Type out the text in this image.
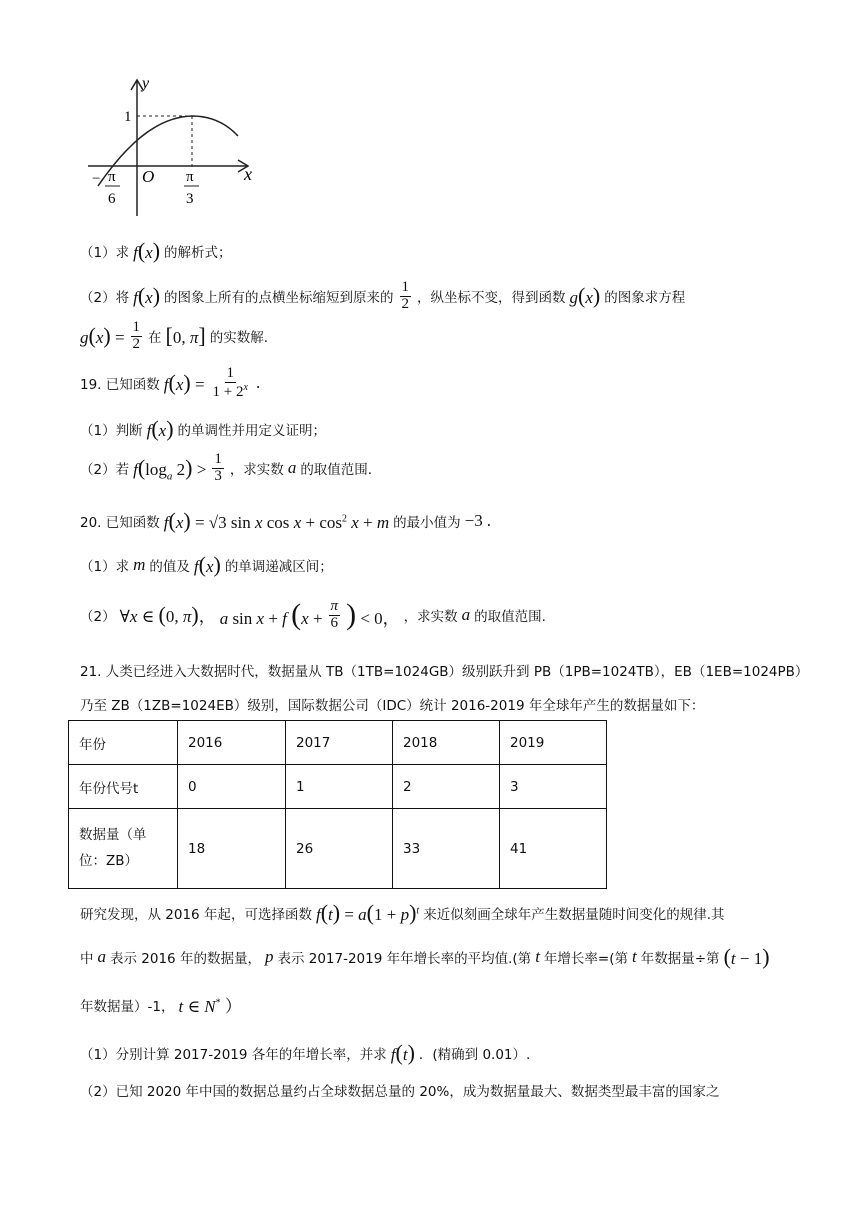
y
x
1
O
− π
6
π
3
（1）求 f(x) 的解析式；
（2）将 f(x) 的图象上所有的点横坐标缩短到原来的 $\frac{1}{2}$ ，纵坐标不变，得到函数 g(x) 的图象求方程
$g(x) = \frac{1}{2}$ 在 [0, π] 的实数解.
19. 已知函数 $f(x) = \frac{1}{1 + 2^x}$ .
（1）判断 f(x) 的单调性并用定义证明；
（2）若 $f(\log_a$ $2) > \frac{1}{3}$ ，求实数 a 的取值范围.
20. 已知函数 f(x) = √3 sin x $\cos x + \cos^2 x + m$ 的最小值为 −3 .
（1）求 m 的值及 f(x) 的单调递减区间；
（2） ∀x ∈ (0, π)， a sin x + f ($x + \frac{\pi}{6}$ ) < 0， ，求实数 a 的取值范围.
21. 人类已经进入大数据时代，数据量从 TB（1TB=1024GB）级别跃升到 PB（1PB=1024TB），EB（1EB=1024PB）
乃至 ZB（1ZB=1024EB）级别，国际数据公司（IDC）统计 2016-2019 年全球年产生的数据量如下：
年份	2016	2017	2018	2019
年份代号t	0	1	2	3

数据量（单
位：ZB）	18	26	33	41
研究发现，从 2016 年起，可选择函数 $f(t) = a(1 + p)^t$ 来近似刻画全球年产生数据量随时间变化的规律.其
中 a 表示 2016 年的数据量， p 表示 2017-2019 年年增长率的平均值.(第 t 年增长率=(第 t 年数据量÷第 (t − 1)
年数据量）-1， t ∈ N* ）
（1）分别计算 2017-2019 各年的年增长率，并求 f(t) ．(精确到 0.01）.
（2）已知 2020 年中国的数据总量约占全球数据总量的 20%，成为数据量最大、数据类型最丰富的国家之
